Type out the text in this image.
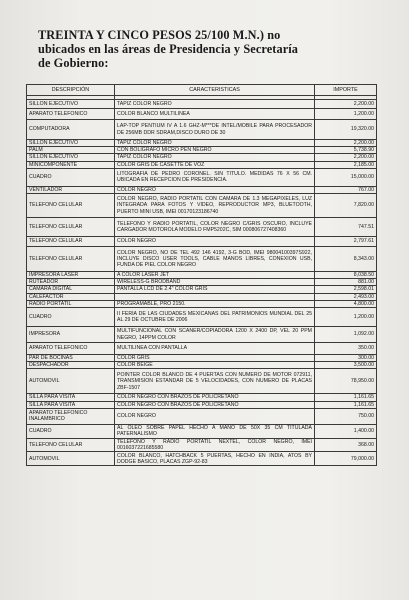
TREINTA Y CINCO PESOS 25/100 M.N.) no
ubicados en las áreas de Presidencia y Secretaría
de Gobierno:
DESCRIPCIÓN	CARACTERISTICAS	IMPORTE

SILLON EJECUTIVO	TAPIZ COLOR NEGRO	2,200.00
APARATO TELEFONICO	COLOR BLANCO MULTILINEA	1,200.00
COMPUTADORA	LAP-TOP PENTIUM IV A 1.6 GHZ-M***DE INTEL/MOBILE PARA PROCESADOR DE 256MB DDR SDRAM,DISCO DURO DE 30	19,320.00
SILLON EJECUTIVO	TAPIZ COLOR NEGRO	2,200.00
PALM	CON BOLIGRAFO MICRO PEN NEGRO	5,738.90
SILLON EJECUTIVO	TAPIZ COLOR NEGRO	2,200.00
MINICOMPONENTE	COLOR GRIS DE CASETTE DE VOZ	2,185.00
CUADRO	LITOGRAFIA DE PEDRO CORONEL. SIN TITULO. MEDIDAS 76 X 56 CM. UBICADA EN RECEPCION DE PRESIDENCIA.	15,000.00
VENTILADOR	COLOR NEGRO	767.00
TELEFONO CELULAR	COLOR NEGRO, RADIO PORTATIL CON CAMARA DE 1.3 MEGAPIXELES, LUZ INTEGRADA PARA FOTOS Y VIDEO, REPRODUCTOR MP3, BLUETOOTH, PUERTO MINI USB, IMEI 00170123186740	7,820.00
TELEFONO CELULAR	TELEFONO Y RADIO PORTATIL, COLOR NEGRO C/GRIS OSCURO, INCLUYE CARGADOR MOTOROLA MODELO FMP5202C, SIM 000806727408360	747.51
TELEFONO CELULAR	COLOR NEGRO	2,797.61
TELEFONO CELULAR	COLOR NEGRO, NO DE TEL 492 146 4192, 3-G BOD, IMEI 98004100397S922, INCLUYE DISCO USER TOOLS, CABLE MANOS LIBRES, CONEXION USB, FUNDA DE PIEL COLOR NEGRO	8,343.00
IMPRESORA LASER	A COLOR LASER JET	8,038.50
RUTEADOR	WIRELESS-G BRODBAND	881.00
CAMARA DIGITAL	PANTALLA LCD DE 2.4" COLOR GRIS	2,598.01
CALEFACTOR		2,493.00
RADIO PORTATIL	PROGRAMABLE, PRO 2150.	4,800.00
CUADRO	II FERIA DE LAS CIUDADES MEXICANAS DEL PATRIMONIOS MUNDIAL DEL 25 AL 29 DE OCTUBRE DE 2006	1,200.00
IMPRESORA	MULTIFUNCIONAL CON SCANER/COPIADORA 1200 X 2400 DP, VEL 20 PPM NEGRO, 14PPM COLOR	1,092.00
APARATO TELEFONICO	MULTILINEA CON PANTALLA	350.00
PAR DE BOCINAS	COLOR GRIS	300.00
DESPACHADOR	COLOR BEIGE	3,500.00
AUTOMOVIL	POINTER COLOR BLANCO DE 4 PUERTAS CON NUMERO DE MOTOR 072911, TRANSMISION ESTANDAR DE 5 VELOCIDADES, CON NUMERO DE PLACAS ZBF-1507	78,950.00
SILLA PARA VISITA	COLOR NEGRO CON BRAZOS DE POLICRETANO	1,161.65
SILLA PARA VISITA	COLOR NEGRO CON BRAZOS DE POLICRETANO	1,161.65
APARATO TELEFONICO INALAMBRICO	COLOR NEGRO	750.00
CUADRO	AL OLEO SOBRE PAPEL HECHO A MANO DE 50X 35 CM TITULADA PATERNALISMO	1,400.00
TELEFONO CELULAR	TELEFONO Y RADIO PORTATIL NEXTEL, COLOR NEGRO, IMEI 0016037221685580	368.00
AUTOMOVIL	COLOR BLANCO, HATCHBACK 5 PUERTAS, HECHO EN INDIA, ATOS BY DODGE BASICO, PLACAS ZGP-92-83	79,000.00
